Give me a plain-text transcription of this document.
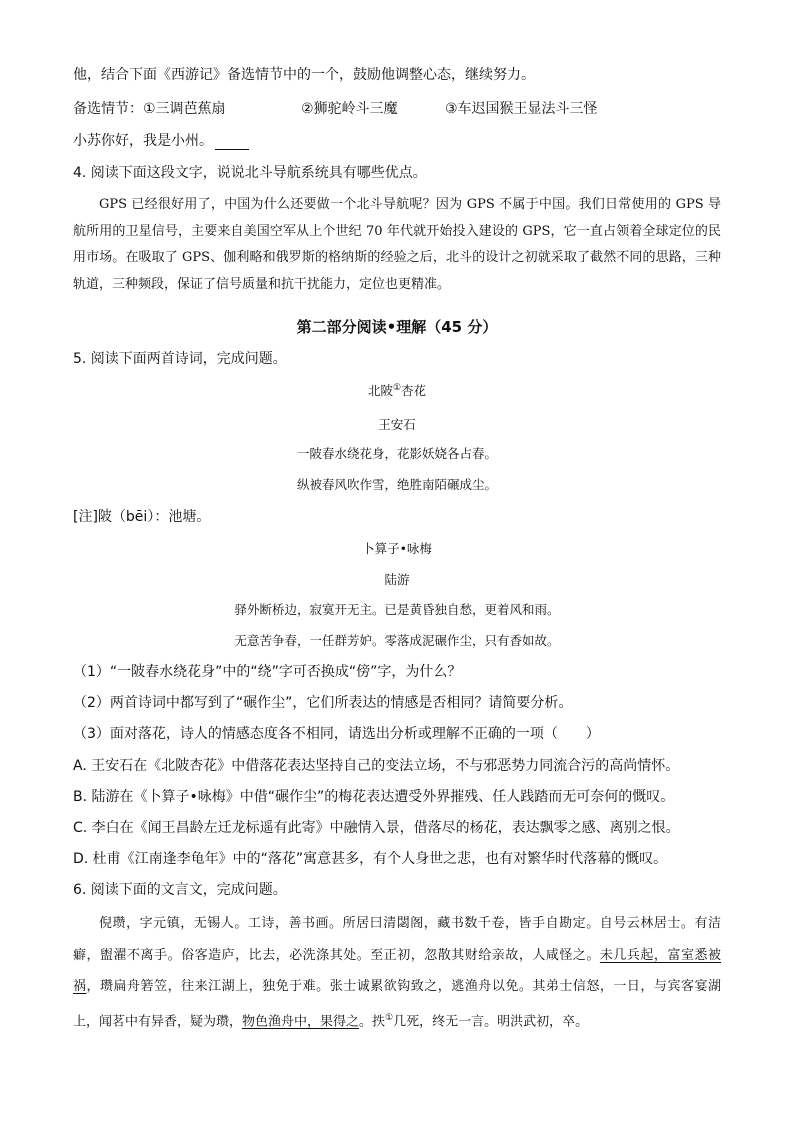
他，结合下面《西游记》备选情节中的一个，鼓励他调整心态，继续努力。
备选情节：①三调芭蕉扇	②狮驼岭斗三魔	③车迟国猴王显法斗三怪
小苏你好，我是小州。
4. 阅读下面这段文字，说说北斗导航系统具有哪些优点。
GPS 已经很好用了，中国为什么还要做一个北斗导航呢？因为 GPS 不属于中国。我们日常使用的 GPS 导航所用的卫星信号，主要来自美国空军从上个世纪 70 年代就开始投入建设的 GPS，它一直占领着全球定位的民用市场。在吸取了 GPS、伽利略和俄罗斯的格纳斯的经验之后，北斗的设计之初就采取了截然不同的思路，三种轨道，三种频段，保证了信号质量和抗干扰能力，定位也更精准。
第二部分阅读•理解（45 分）
5. 阅读下面两首诗词，完成问题。
北陂①杏花
王安石
一陂春水绕花身，花影妖娆各占春。
纵被春风吹作雪，绝胜南陌碾成尘。
[注]陂（bēi）：池塘。
卜算子•咏梅
陆游
驿外断桥边，寂寞开无主。已是黄昏独自愁，更着风和雨。
无意苦争春，一任群芳妒。零落成泥碾作尘，只有香如故。
（1）“一陂春水绕花身”中的“绕”字可否换成“傍”字，为什么？
（2）两首诗词中都写到了“碾作尘”，它们所表达的情感是否相同？请简要分析。
（3）面对落花，诗人的情感态度各不相同，请选出分析或理解不正确的一项（　　）
A. 王安石在《北陂杏花》中借落花表达坚持自己的变法立场，不与邪恶势力同流合污的高尚情怀。
B. 陆游在《卜算子•咏梅》中借“碾作尘”的梅花表达遭受外界摧残、任人践踏而无可奈何的慨叹。
C. 李白在《闻王昌龄左迁龙标遥有此寄》中融情入景，借落尽的杨花，表达飘零之感、离别之恨。
D. 杜甫《江南逢李龟年》中的“落花”寓意甚多，有个人身世之悲，也有对繁华时代落幕的慨叹。
6. 阅读下面的文言文，完成问题。
倪瓒，字元镇，无锡人。工诗，善书画。所居曰清閟阁，藏书数千卷，皆手自勘定。自号云林居士。有洁癖，盥濯不离手。俗客造庐，比去，必洗涤其处。至正初，忽散其财给亲故，人咸怪之。未几兵起，富室悉被祸，瓒扁舟箬笠，往来江湖上，独免于难。张士诚累欲钩致之，逃渔舟以免。其弟士信怒，一日，与宾客宴湖上，闻茗中有异香，疑为瓒，物色渔舟中，果得之。抶①几死，终无一言。明洪武初，卒。
